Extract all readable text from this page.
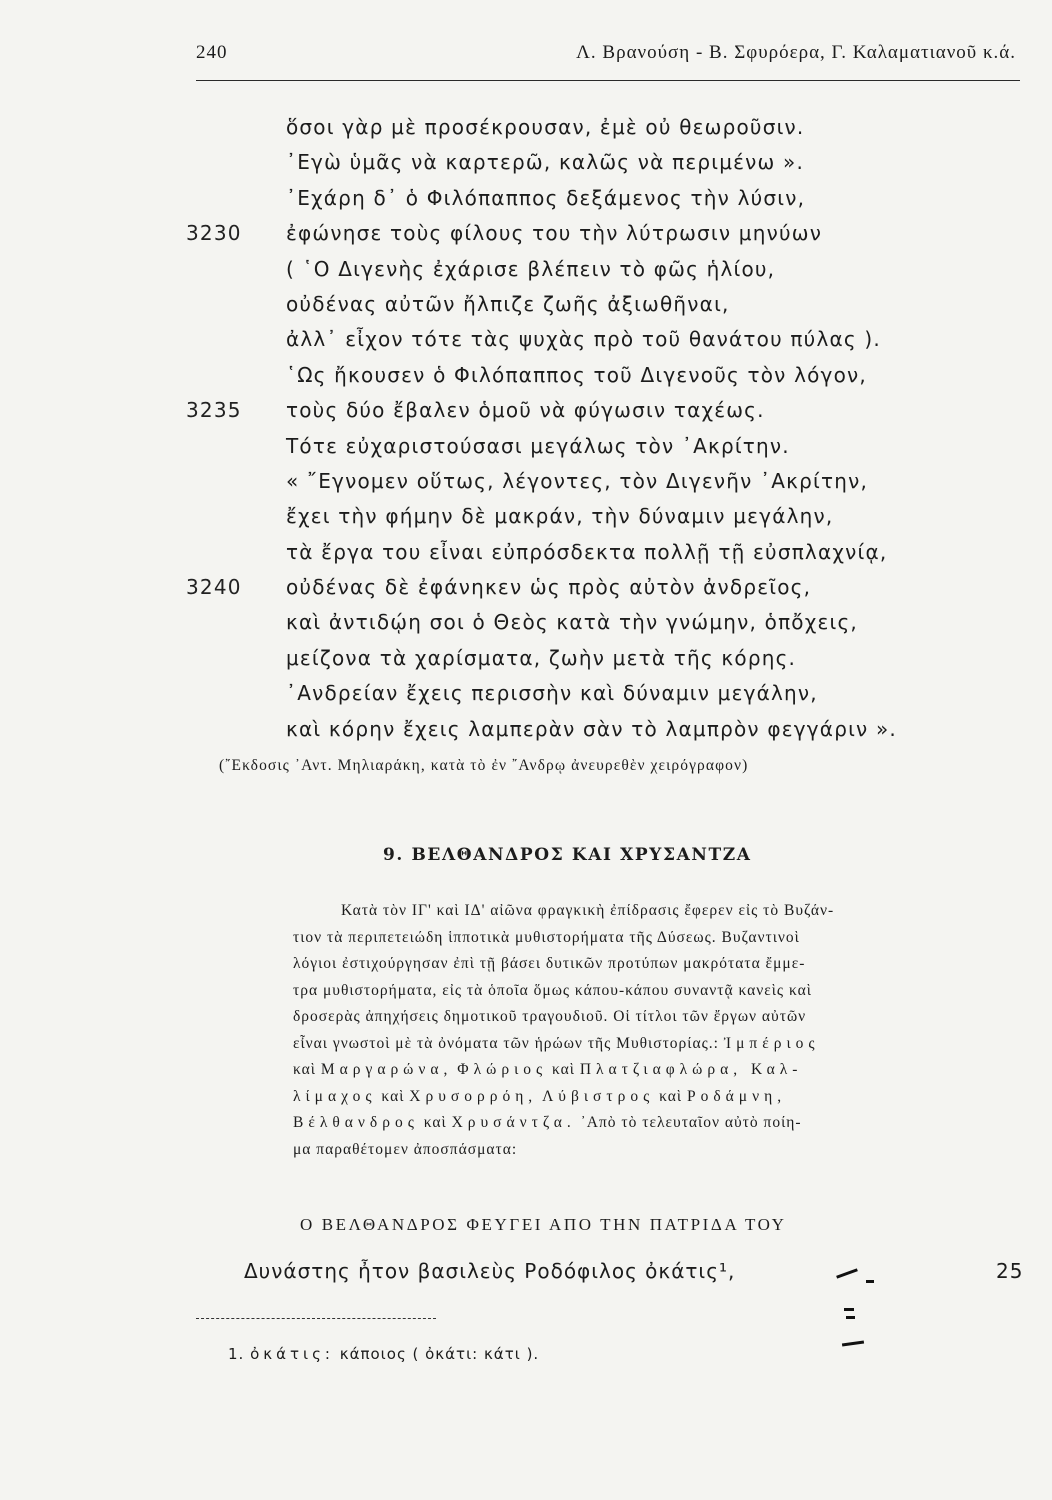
240	Λ. Βρανούση - Β. Σφυρόερα, Γ. Καλαματιανοῦ κ.ά.
ὅσοι γὰρ μὲ προσέκρουσαν, ἐμὲ οὐ θεωροῦσιν.
᾿Εγὼ ὑμᾶς νὰ καρτερῶ, καλῶς νὰ περιμένω ».
᾿Εχάρη δ᾿ ὁ Φιλόπαππος δεξάμενος τὴν λύσιν,
3230	ἐφώνησε τοὺς φίλους του τὴν λύτρωσιν μηνύων
( ῾Ο Διγενὴς ἐχάρισε βλέπειν τὸ φῶς ἡλίου,
οὐδένας αὐτῶν ἤλπιζε ζωῆς ἀξιωθῆναι,
ἀλλ᾿ εἶχον τότε τὰς ψυχὰς πρὸ τοῦ θανάτου πύλας ).
῾Ως ἤκουσεν ὁ Φιλόπαππος τοῦ Διγενοῦς τὸν λόγον,
3235	τοὺς δύο ἔβαλεν ὁμοῦ νὰ φύγωσιν ταχέως.
Τότε εὐχαριστούσασι μεγάλως τὸν ᾿Ακρίτην.
« ῎Εγνομεν οὕτως, λέγοντες, τὸν Διγενῆν ᾿Ακρίτην,
ἔχει τὴν φήμην δὲ μακράν, τὴν δύναμιν μεγάλην,
τὰ ἔργα του εἶναι εὐπρόσδεκτα πολλῇ τῇ εὐσπλαχνίᾳ,
3240	οὐδένας δὲ ἐφάνηκεν ὡς πρὸς αὐτὸν ἀνδρεῖος,
καὶ ἀντιδῴη σοι ὁ Θεὸς κατὰ τὴν γνώμην, ὁπὄχεις,
μείζονα τὰ χαρίσματα, ζωὴν μετὰ τῆς κόρης.
᾿Ανδρείαν ἔχεις περισσὴν καὶ δύναμιν μεγάλην,
καὶ κόρην ἔχεις λαμπερὰν σὰν τὸ λαμπρὸν φεγγάριν ».
(῎Εκδοσις ᾿Αντ. Μηλιαράκη, κατὰ τὸ ἐν ῎Ανδρῳ ἀνευρεθὲν χειρόγραφον)
9. ΒΕΛΘΑΝΔΡΟΣ ΚΑΙ ΧΡΥΣΑΝΤΖΑ

Κατὰ τὸν ΙΓ' καὶ ΙΔ' αἰῶνα φραγκικὴ ἐπίδρασις ἔφερεν εἰς τὸ Βυζάν-

τιον τὰ περιπετειώδη ἱπποτικὰ μυθιστορήματα τῆς Δύσεως. Βυζαντινοὶ

λόγιοι ἐστιχούργησαν ἐπὶ τῇ βάσει δυτικῶν προτύπων μακρότατα ἔμμε-

τρα μυθιστορήματα, εἰς τὰ ὁποῖα ὅμως κάπου-κάπου συναντᾷ κανεὶς καὶ

δροσερὰς ἀπηχήσεις δημοτικοῦ τραγουδιοῦ. Οἱ τίτλοι τῶν ἔργων αὐτῶν

εἶναι γνωστοὶ μὲ τὰ ὀνόματα τῶν ἡρώων τῆς Μυθιστορίας.: Ἰμπέριος

καὶ Μαργαρώνα, Φλώριος καὶ Πλατζιαφλώρα, Καλ-

λίμαχος καὶ Χρυσορρόη, Λύβιστρος καὶ Ροδάμνη,

Βέλθανδρος καὶ Χρυσάντζα. ᾿Απὸ τὸ τελευταῖον αὐτὸ ποίη-

μα παραθέτομεν ἀποσπάσματα:

Ο ΒΕΛΘΑΝΔΡΟΣ ΦΕΥΓΕΙ ΑΠΟ ΤΗΝ ΠΑΤΡΙΔΑ ΤΟΥ
Δυνάστης ἦτον βασιλεὺς Ροδόφιλος ὀκάτις¹,	25
1. ὀκάτις: κάποιος ( ὀκάτι: κάτι ).
